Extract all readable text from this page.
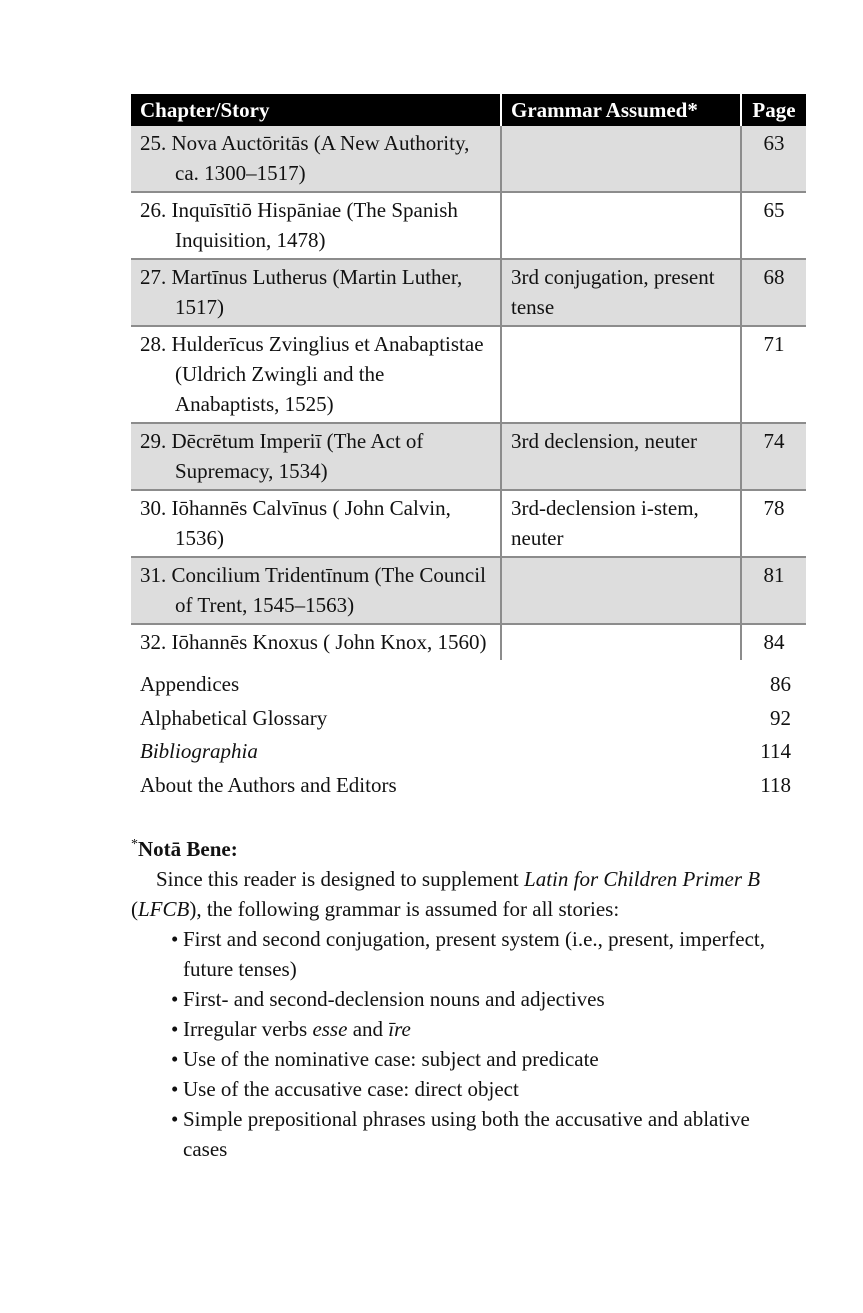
Chapter/Story	Grammar Assumed*	Page

25. Nova Auctōritās (A New Authority, ca. 1300–1517)		63

26. Inquīsītiō Hispāniae (The Spanish Inquisition, 1478)		65

27. Martīnus Lutherus (Martin Luther, 1517)	3rd conjugation, present tense	68

28. Hulderīcus Zvinglius et Anabaptistae (Uldrich Zwingli and the Anabaptists, 1525)		71

29. Dēcrētum Imperiī (The Act of Supremacy, 1534)	3rd declension, neuter	74

30. Iōhannēs Calvīnus ( John Calvin, 1536)	3rd-declension i-stem, neuter	78

31. Concilium Tridentīnum (The Council of Trent, 1545–1563)		81

32. Iōhannēs Knoxus ( John Knox, 1560)		84
Appendices	86
Alphabetical Glossary	92
Bibliographia	114
About the Authors and Editors	118
*Notā Bene:

Since this reader is designed to supplement Latin for Children Primer B (LFCB), the following grammar is assumed for all stories:

• First and second conjugation, present system (i.e., present, imperfect, future tenses)
• First- and second-declension nouns and adjectives
• Irregular verbs esse and īre
• Use of the nominative case: subject and predicate
• Use of the accusative case: direct object
• Simple prepositional phrases using both the accusative and ablative cases
